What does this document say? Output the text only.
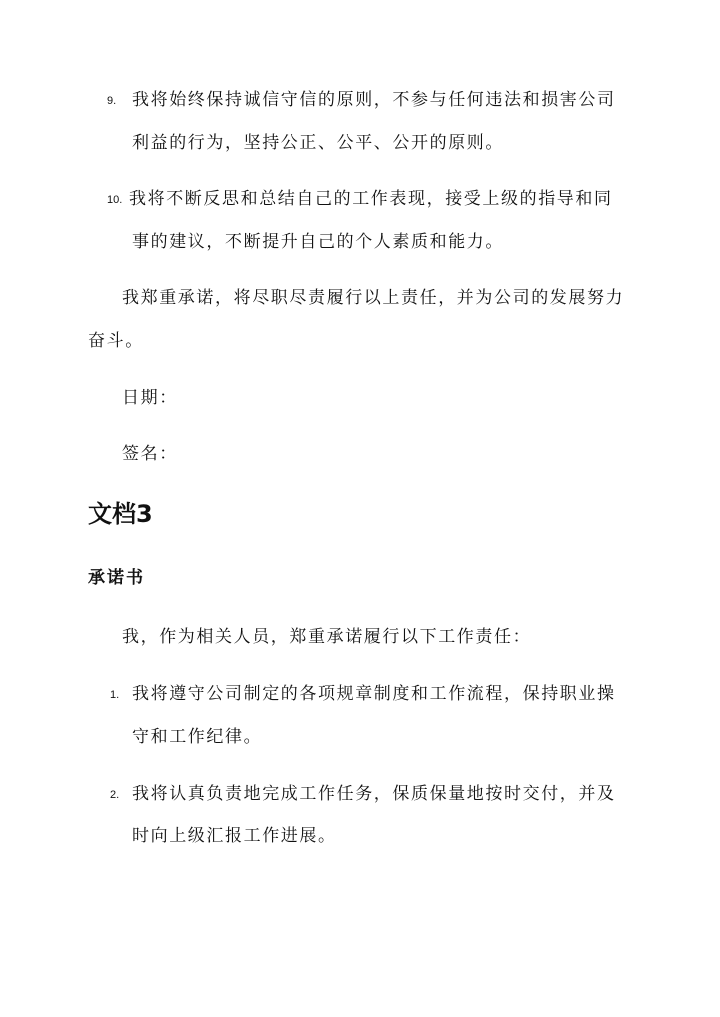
9. 我将始终保持诚信守信的原则，不参与任何违法和损害公司
利益的行为，坚持公正、公平、公开的原则。
10. 我将不断反思和总结自己的工作表现，接受上级的指导和同
事的建议，不断提升自己的个人素质和能力。
我郑重承诺，将尽职尽责履行以上责任，并为公司的发展努力
奋斗。
日期：
签名：
文档3
承诺书
我，作为相关人员，郑重承诺履行以下工作责任：
1. 我将遵守公司制定的各项规章制度和工作流程，保持职业操
守和工作纪律。
2. 我将认真负责地完成工作任务，保质保量地按时交付，并及
时向上级汇报工作进展。
